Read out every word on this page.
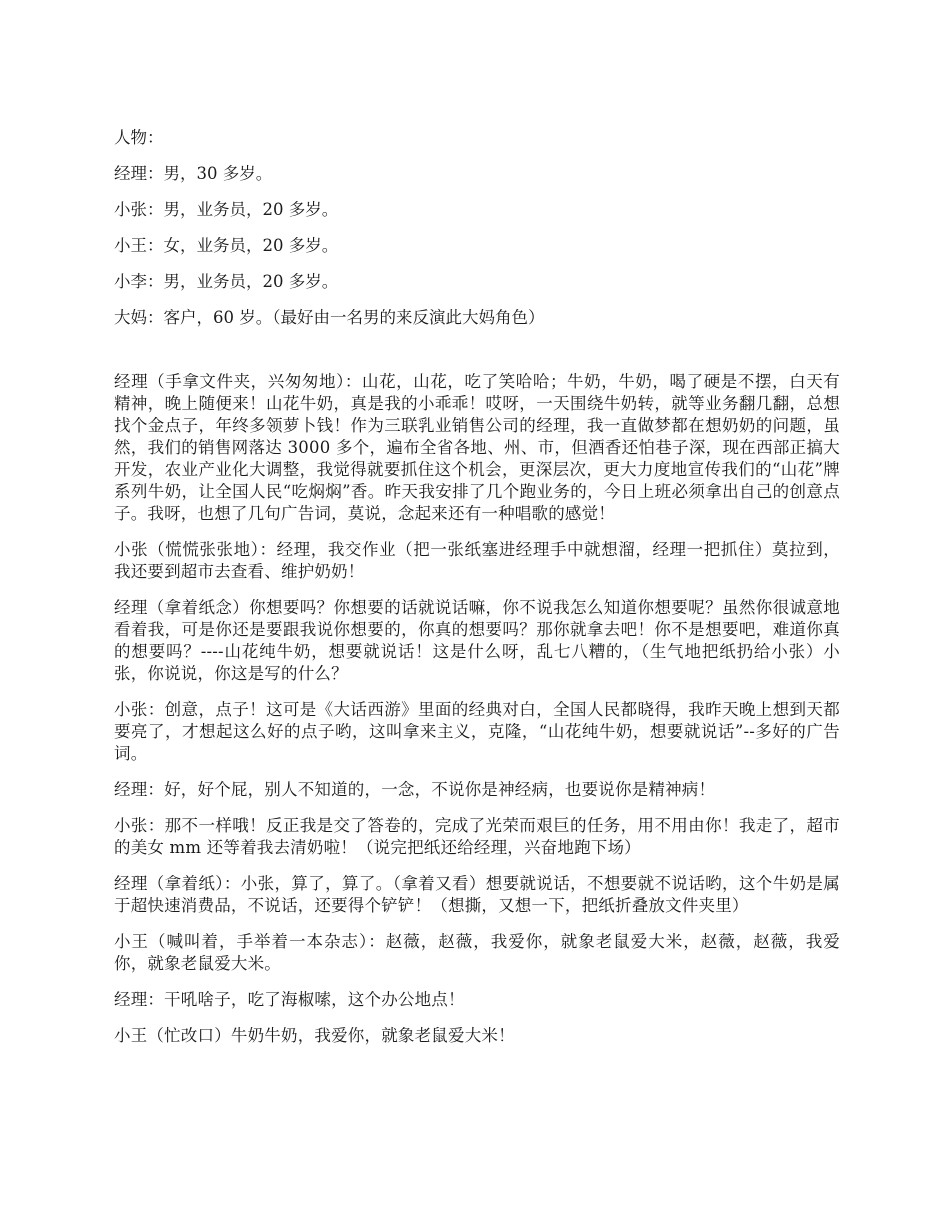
人物：
经理：男，30 多岁。
小张：男，业务员，20 多岁。
小王：女，业务员，20 多岁。
小李：男，业务员，20 多岁。
大妈：客户，60 岁。（最好由一名男的来反演此大妈角色）

经理（手拿文件夹，兴匆匆地）：山花，山花，吃了笑哈哈；牛奶，牛奶，喝了硬是不摆，白天有精神，晚上随便来！山花牛奶，真是我的小乖乖！哎呀，一天围绕牛奶转，就等业务翻几翻，总想找个金点子，年终多领萝卜钱！作为三联乳业销售公司的经理，我一直做梦都在想奶奶的问题，虽然，我们的销售网落达 3000 多个，遍布全省各地、州、市，但酒香还怕巷子深，现在西部正搞大开发，农业产业化大调整，我觉得就要抓住这个机会，更深层次，更大力度地宣传我们的“山花”牌系列牛奶，让全国人民“吃焖焖”香。昨天我安排了几个跑业务的，今日上班必须拿出自己的创意点子。我呀，也想了几句广告词，莫说，念起来还有一种唱歌的感觉！

小张（慌慌张张地）：经理，我交作业（把一张纸塞进经理手中就想溜，经理一把抓住）莫拉到，我还要到超市去查看、维护奶奶！

经理（拿着纸念）你想要吗？你想要的话就说话嘛，你不说我怎么知道你想要呢？虽然你很诚意地看着我，可是你还是要跟我说你想要的，你真的想要吗？那你就拿去吧！你不是想要吧，难道你真的想要吗？----山花纯牛奶，想要就说话！这是什么呀，乱七八糟的，（生气地把纸扔给小张）小张，你说说，你这是写的什么？

小张：创意，点子！这可是《大话西游》里面的经典对白，全国人民都晓得，我昨天晚上想到天都要亮了，才想起这么好的点子哟，这叫拿来主义，克隆，“山花纯牛奶，想要就说话”--多好的广告词。

经理：好，好个屁，别人不知道的，一念，不说你是神经病，也要说你是精神病！

小张：那不一样哦！反正我是交了答卷的，完成了光荣而艰巨的任务，用不用由你！我走了，超市的美女 mm 还等着我去清奶啦！（说完把纸还给经理，兴奋地跑下场）

经理（拿着纸）：小张，算了，算了。（拿着又看）想要就说话，不想要就不说话哟，这个牛奶是属于超快速消费品，不说话，还要得个铲铲！（想撕，又想一下，把纸折叠放文件夹里）

小王（喊叫着，手举着一本杂志）：赵薇，赵薇，我爱你，就象老鼠爱大米，赵薇，赵薇，我爱你，就象老鼠爱大米。

经理：干吼啥子，吃了海椒嗦，这个办公地点！

小王（忙改口）牛奶牛奶，我爱你，就象老鼠爱大米！
